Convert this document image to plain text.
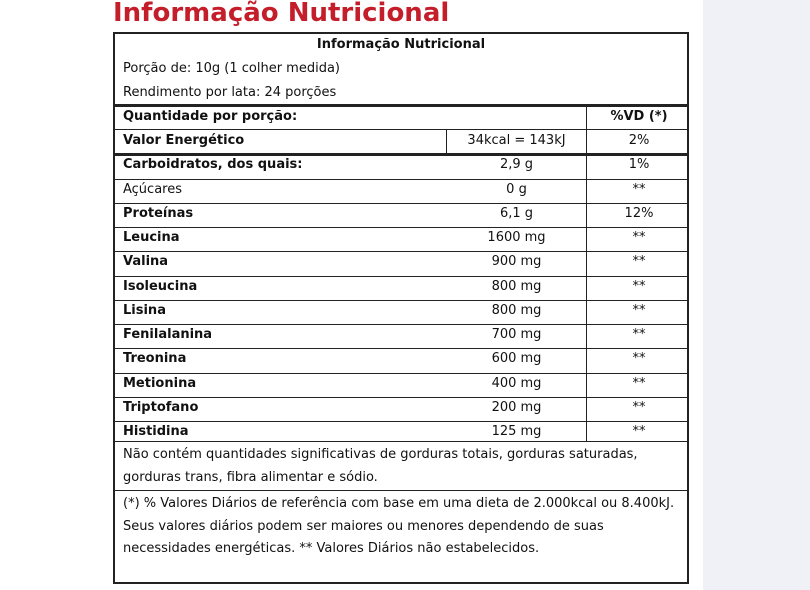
Informação Nutricional
Informação Nutricional
Porção de: 10g (1 colher medida)
Rendimento por lata: 24 porções
Quantidade por porção:	%VD (*)
Valor Energético	34kcal = 143kJ	2%
Carboidratos, dos quais:	2,9 g	1%
Açúcares	0 g	**
Proteínas	6,1 g	12%
Leucina	1600 mg	**
Valina	900 mg	**
Isoleucina	800 mg	**
Lisina	800 mg	**
Fenilalanina	700 mg	**
Treonina	600 mg	**
Metionina	400 mg	**
Triptofano	200 mg	**
Histidina	125 mg	**
Não contém quantidades significativas de gorduras totais, gorduras saturadas, gorduras trans, fibra alimentar e sódio.
(*) % Valores Diários de referência com base em uma dieta de 2.000kcal ou 8.400kJ. Seus valores diários podem ser maiores ou menores dependendo de suas necessidades energéticas. ** Valores Diários não estabelecidos.
